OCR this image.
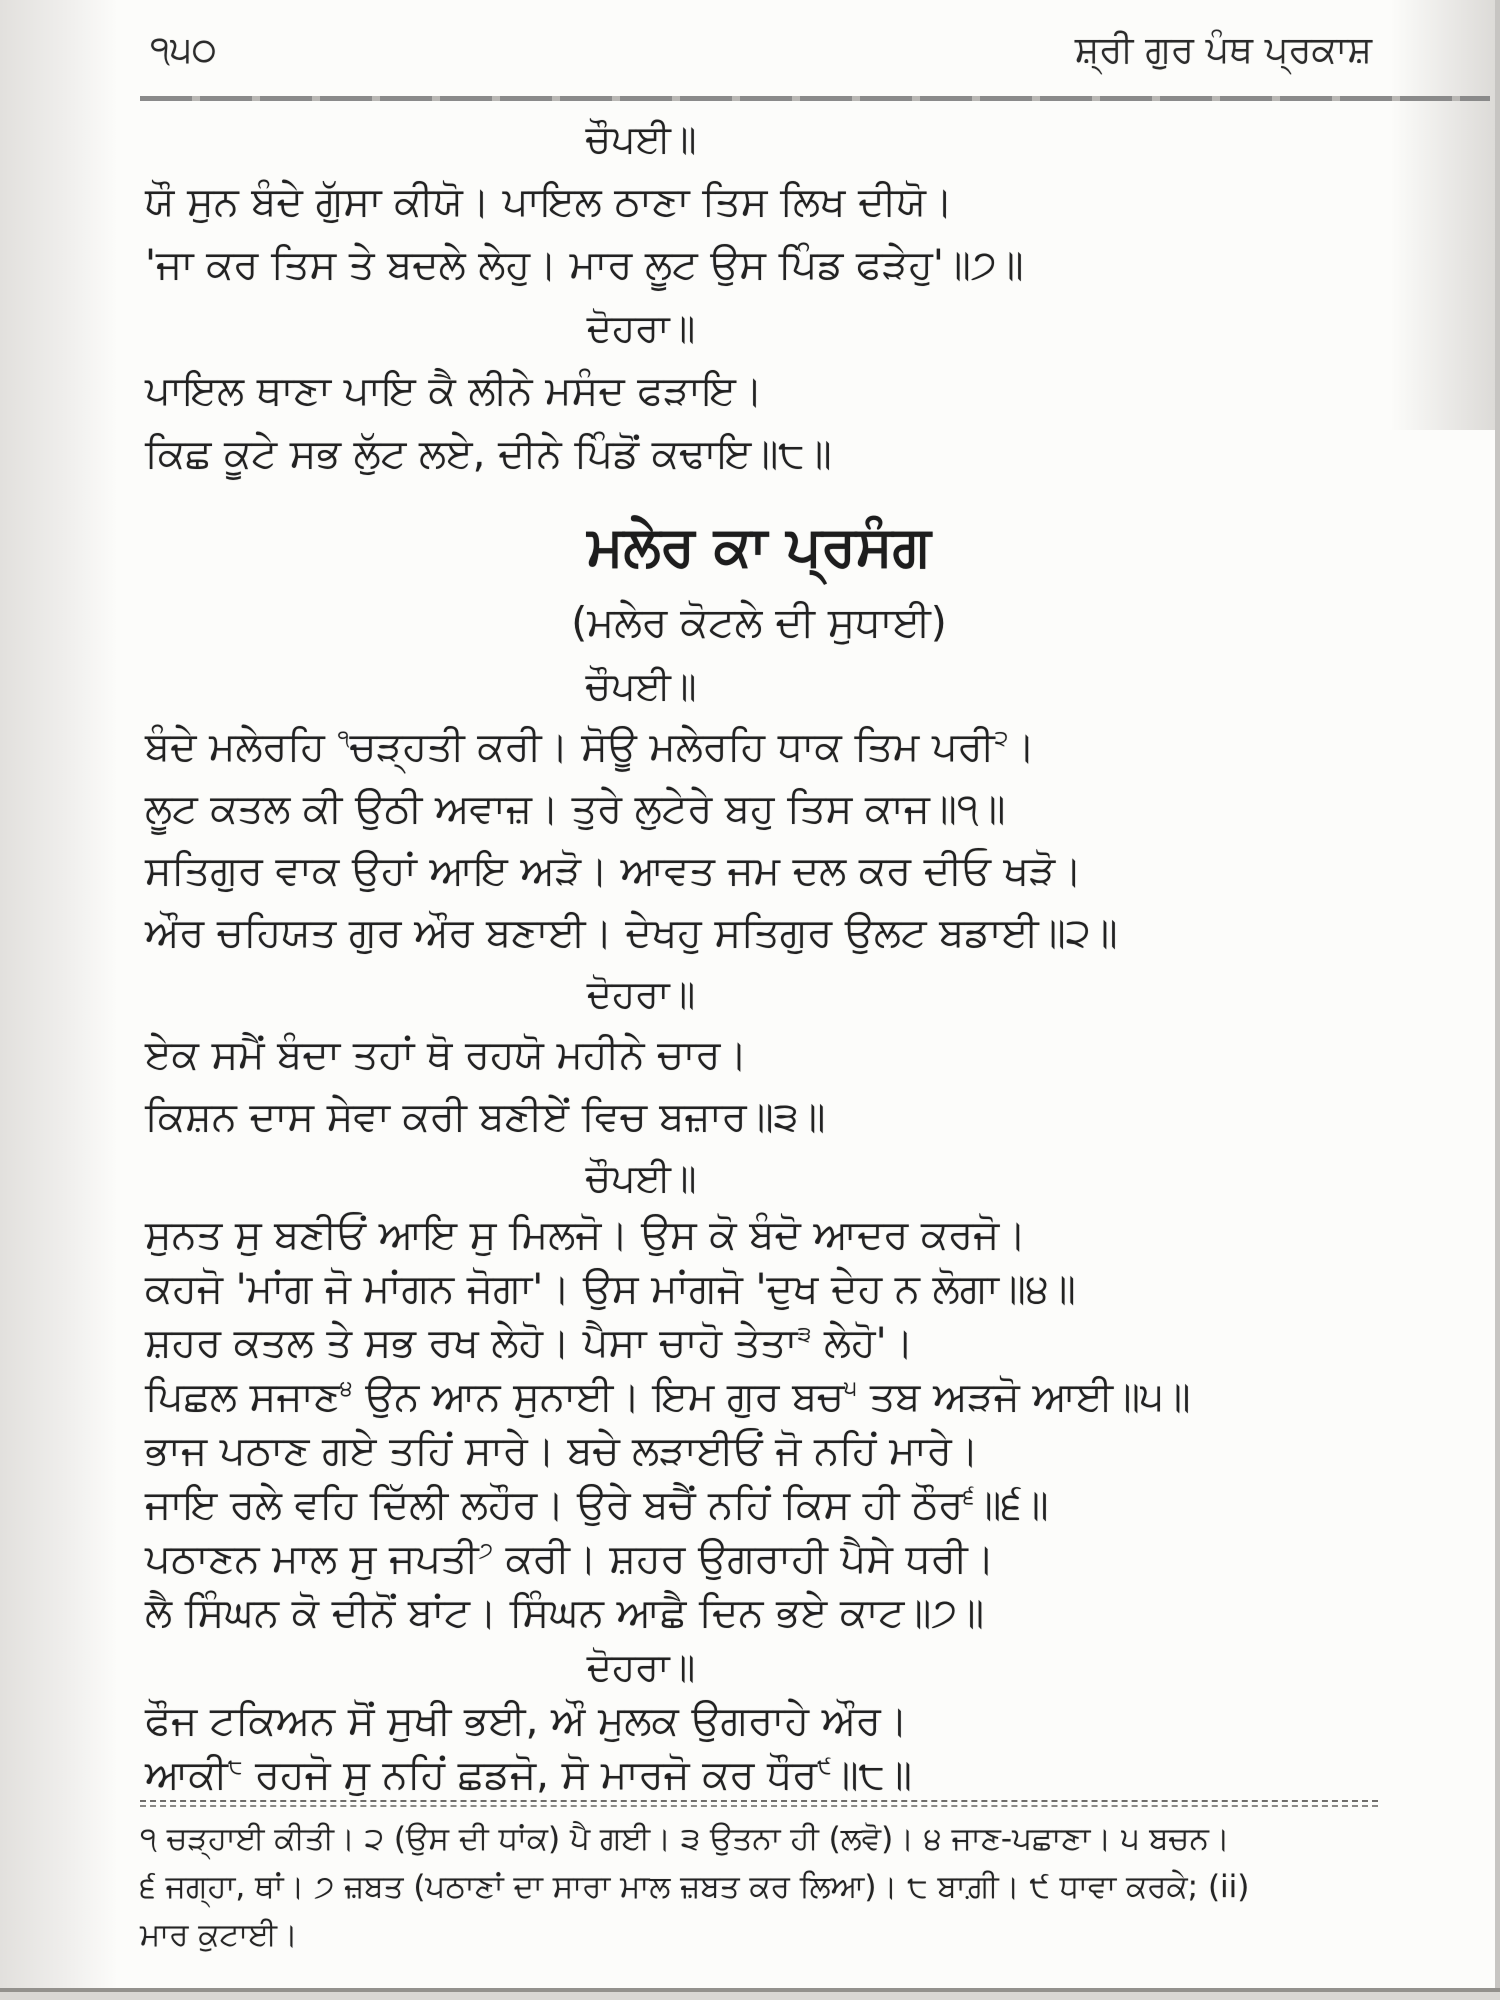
੧੫੦	ਸ਼੍ਰੀ ਗੁਰ ਪੰਥ ਪ੍ਰਕਾਸ਼
ਚੌਪਈ॥
ਯੌ ਸੁਨ ਬੰਦੇ ਗੁੱਸਾ ਕੀਯੋ। ਪਾਇਲ ਠਾਣਾ ਤਿਸ ਲਿਖ ਦੀਯੋ।
'ਜਾ ਕਰ ਤਿਸ ਤੇ ਬਦਲੇ ਲੇਹੁ। ਮਾਰ ਲੂਟ ਉਸ ਪਿੰਡ ਫੜੇਹੁ'॥੭॥
ਦੋਹਰਾ॥
ਪਾਇਲ ਥਾਣਾ ਪਾਇ ਕੈ ਲੀਨੇ ਮਸੰਦ ਫੜਾਇ।
ਕਿਛ ਕੂਟੇ ਸਭ ਲੁੱਟ ਲਏ, ਦੀਨੇ ਪਿੰਡੋਂ ਕਢਾਇ॥੮॥
ਮਲੇਰ ਕਾ ਪ੍ਰਸੰਗ
(ਮਲੇਰ ਕੋਟਲੇ ਦੀ ਸੁਧਾਈ)
ਚੌਪਈ॥
ਬੰਦੇ ਮਲੇਰਹਿ $^੧$ਚੜ੍ਹਤੀ ਕਰੀ। ਸੋਊ ਮਲੇਰਹਿ ਧਾਕ ਤਿਮ ਪਰੀ$^੨$।
ਲੂਟ ਕਤਲ ਕੀ ਉਠੀ ਅਵਾਜ਼। ਤੁਰੇ ਲੁਟੇਰੇ ਬਹੁ ਤਿਸ ਕਾਜ॥੧॥
ਸਤਿਗੁਰ ਵਾਕ ਉਹਾਂ ਆਇ ਅੜੋ। ਆਵਤ ਜਮ ਦਲ ਕਰ ਦੀਓ ਖੜੋ।
ਔਰ ਚਹਿਯਤ ਗੁਰ ਔਰ ਬਣਾਈ। ਦੇਖਹੁ ਸਤਿਗੁਰ ਉਲਟ ਬਡਾਈ॥੨॥
ਦੋਹਰਾ॥
ਏਕ ਸਮੈਂ ਬੰਦਾ ਤਹਾਂ ਥੋ ਰਹਯੋ ਮਹੀਨੇ ਚਾਰ।
ਕਿਸ਼ਨ ਦਾਸ ਸੇਵਾ ਕਰੀ ਬਣੀਏਂ ਵਿਚ ਬਜ਼ਾਰ॥੩॥
ਚੌਪਈ॥
ਸੁਨਤ ਸੁ ਬਣੀਓਂ ਆਇ ਸੁ ਮਿਲਜੋ। ਉਸ ਕੋ ਬੰਦੋ ਆਦਰ ਕਰਜੋ।
ਕਹਜੋ 'ਮਾਂਗ ਜੋ ਮਾਂਗਨ ਜੋਗਾ'। ਉਸ ਮਾਂਗਜੋ 'ਦੁਖ ਦੇਹ ਨ ਲੋਗਾ॥੪॥
ਸ਼ਹਰ ਕਤਲ ਤੇ ਸਭ ਰਖ ਲੇਹੋ। ਪੈਸਾ ਚਾਹੋ ਤੇਤਾ$^੩$ ਲੇਹੋ'।
ਪਿਛਲ ਸਜਾਣ$^੪$ ਉਨ ਆਨ ਸੁਨਾਈ। ਇਮ ਗੁਰ ਬਚ$^੫$ ਤਬ ਅੜਜੋ ਆਈ॥੫॥
ਭਾਜ ਪਠਾਣ ਗਏ ਤਹਿਂ ਸਾਰੇ। ਬਚੇ ਲੜਾਈਓਂ ਜੋ ਨਹਿਂ ਮਾਰੇ।
ਜਾਇ ਰਲੇ ਵਹਿ ਦਿੱਲੀ ਲਹੌਰ। ਉਰੇ ਬਚੈਂ ਨਹਿਂ ਕਿਸ ਹੀ ਠੌਰ$^੬$॥੬॥
ਪਠਾਣਨ ਮਾਲ ਸੁ ਜਪਤੀ$^੭$ ਕਰੀ। ਸ਼ਹਰ ਉਗਰਾਹੀ ਪੈਸੇ ਧਰੀ।
ਲੈ ਸਿੰਘਨ ਕੋ ਦੀਨੋਂ ਬਾਂਟ। ਸਿੰਘਨ ਆਛੈ ਦਿਨ ਭਏ ਕਾਟ॥੭॥
ਦੋਹਰਾ॥
ਫੌਜ ਟਕਿਅਨ ਸੋਂ ਸੁਖੀ ਭਈ, ਔ ਮੁਲਕ ਉਗਰਾਹੇ ਔਰ।
ਆਕੀ$^੮$ ਰਹਜੋ ਸੁ ਨਹਿਂ ਛਡਜੋ, ਸੋ ਮਾਰਜੋ ਕਰ ਧੌਰ$^੯$॥੮॥
੧ ਚੜ੍ਹਾਈ ਕੀਤੀ। ੨ (ਉਸ ਦੀ ਧਾਂਕ) ਪੈ ਗਈ। ੩ ਉਤਨਾ ਹੀ (ਲਵੋ)। ੪ ਜਾਣ-ਪਛਾਣਾ। ੫ ਬਚਨ।
੬ ਜਗ੍ਹਾ, ਥਾਂ। ੭ ਜ਼ਬਤ (ਪਠਾਣਾਂ ਦਾ ਸਾਰਾ ਮਾਲ ਜ਼ਬਤ ਕਰ ਲਿਆ)। ੮ ਬਾਗ਼ੀ। ੯ ਧਾਵਾ ਕਰਕੇ; (ii)
ਮਾਰ ਕੁਟਾਈ।
